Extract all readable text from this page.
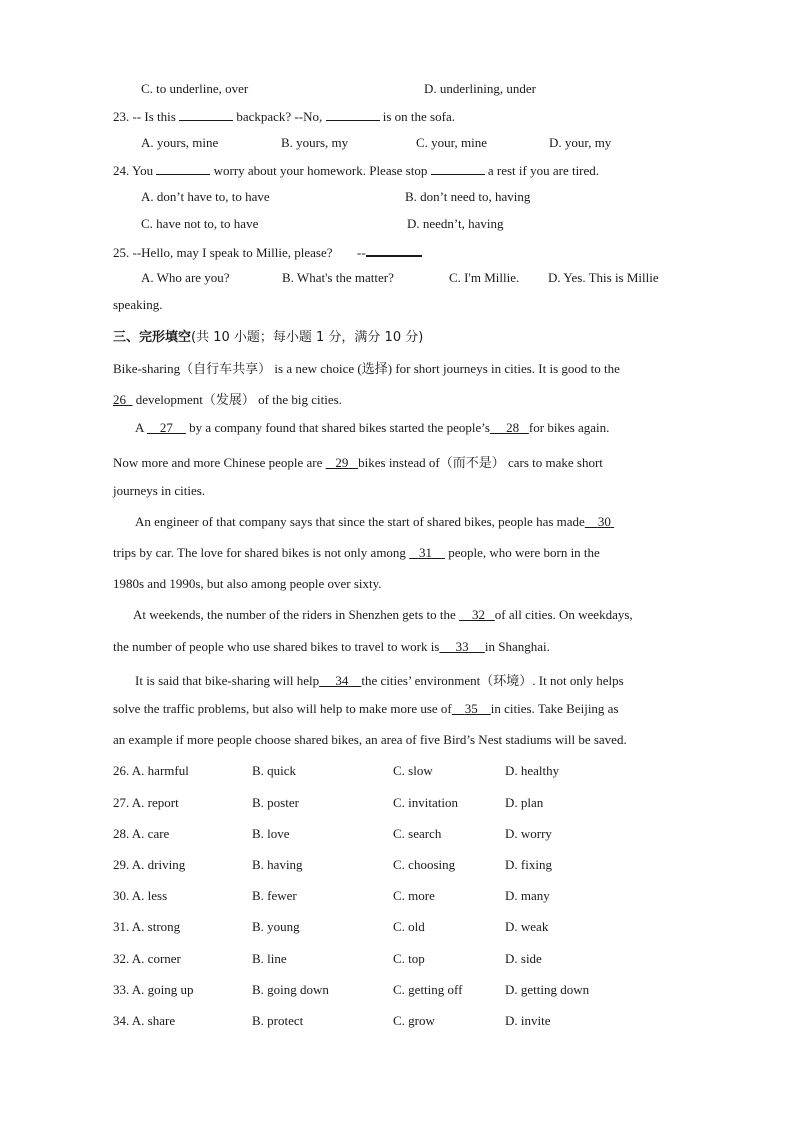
C. to underline, over	D. underlining, under
23. -- Is this	backpack? --No,	is on the sofa.
A. yours, mine	B. yours, my	C. your, mine	D. your, my
24. You	worry about your homework. Please stop	a rest if you are tired.
A. don’t have to, to have	B. don’t need to, having
C. have not to, to have	D. needn’t, having
25. --Hello, may I speak to Millie, please? --
A. Who are you?	B. What's the matter?	C. I'm Millie. D. Yes. This is Millie
speaking.
三、完形填空(共 10 小题；每小题 1 分，满分 10 分)
Bike-sharing（自行车共享） is a new choice (选择) for short journeys in cities. It is good to the
26 development（发展） of the big cities.
A 27 by a company found that shared bikes started the people’s 28 for bikes again.
Now more and more Chinese people are 29 bikes instead of（而不是） cars to make short
journeys in cities.
An engineer of that company says that since the start of shared bikes, people has made 30
trips by car. The love for shared bikes is not only among 31 people, who were born in the
1980s and 1990s, but also among people over sixty.
At weekends, the number of the riders in Shenzhen gets to the 32 of all cities. On weekdays,
the number of people who use shared bikes to travel to work is 33 in Shanghai.
It is said that bike-sharing will help 34 the cities’ environment（环境）. It not only helps
solve the traffic problems, but also will help to make more use of 35 in cities. Take Beijing as
an example if more people choose shared bikes, an area of five Bird’s Nest stadiums will be saved.
26. A. harmful	B. quick	C. slow	D. healthy
27. A. report	B. poster	C. invitation	D. plan
28. A. care	B. love	C. search	D. worry
29. A. driving	B. having	C. choosing	D. fixing
30. A. less	B. fewer	C. more	D. many
31. A. strong	B. young	C. old	D. weak
32. A. corner	B. line	C. top	D. side
33. A. going up	B. going down	C. getting off	D. getting down
34. A. share	B. protect	C. grow	D. invite
